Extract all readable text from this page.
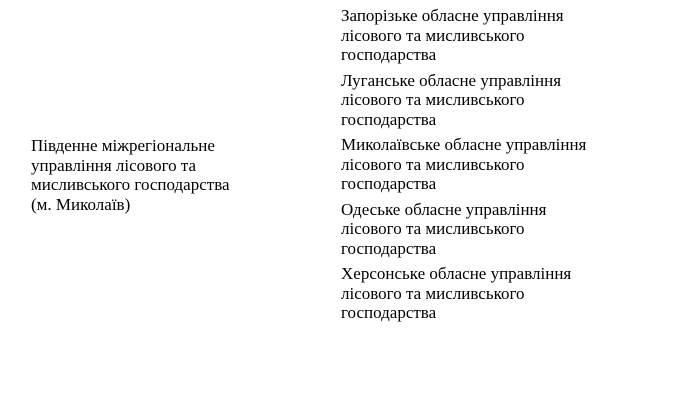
Південне міжрегіональне
управління лісового та
мисливського господарства
(м. Миколаїв)
Запорізьке обласне управління
лісового та мисливського
господарства
Луганське обласне управління
лісового та мисливського
господарства
Миколаївське обласне управління
лісового та мисливського
господарства
Одеське обласне управління
лісового та мисливського
господарства
Херсонське обласне управління
лісового та мисливського
господарства
